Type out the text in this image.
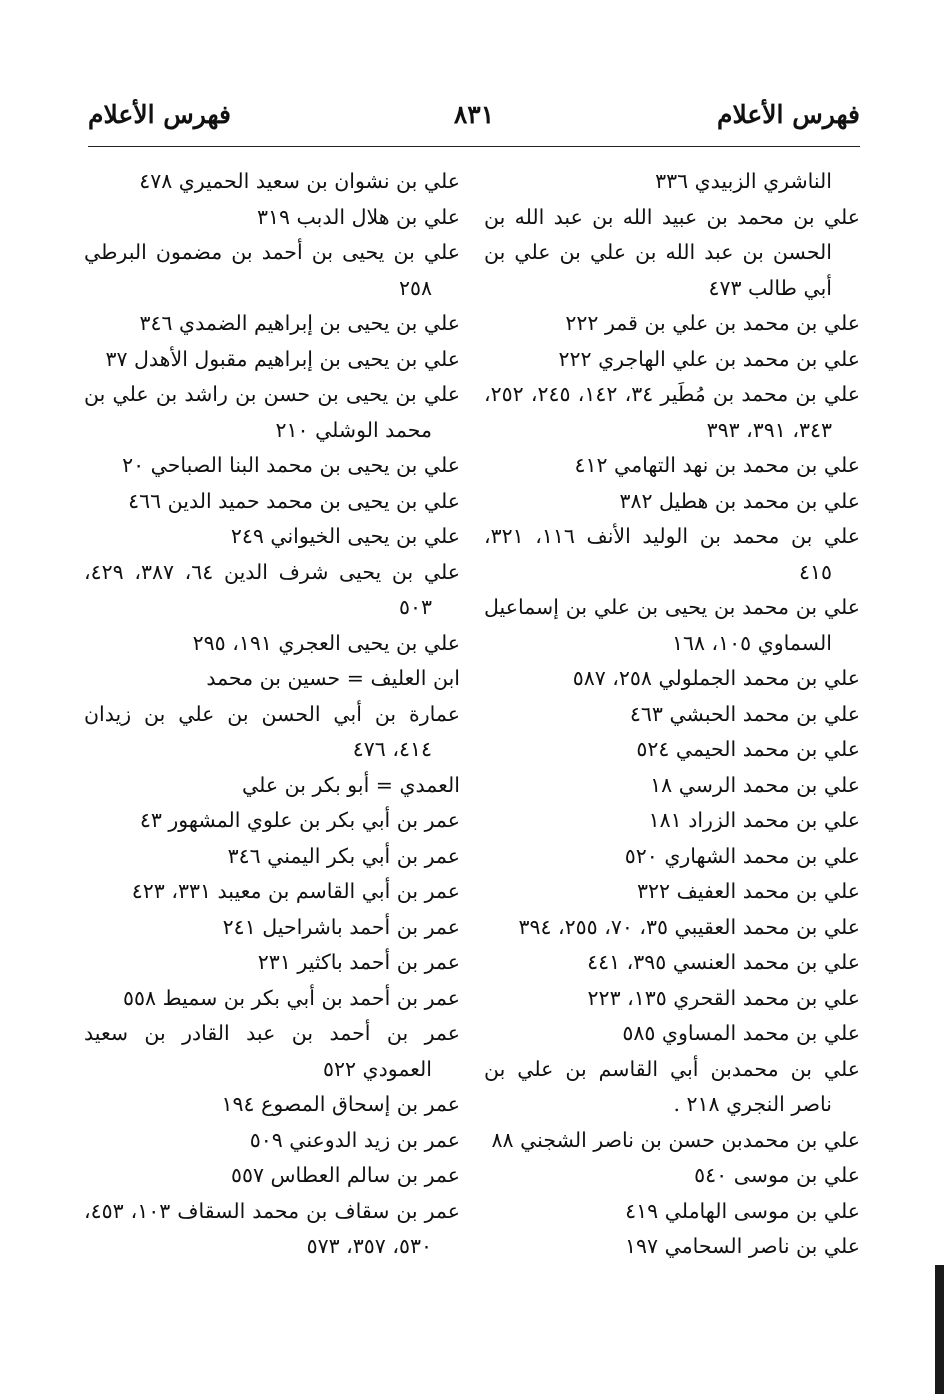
فهرس الأعلام
٨٣١
فهرس الأعلام

الناشري الزبيدي ٣٣٦

علي بن محمد بن عبيد الله بن عبد الله بن الحسن بن عبد الله بن علي بن علي بن أبي طالب ٤٧٣

علي بن محمد بن علي بن قمر ٢٢٢

علي بن محمد بن علي الهاجري ٢٢٢

علي بن محمد بن مُطَير ٣٤، ١٤٢، ٢٤٥، ٢٥٢، ٣٤٣، ٣٩١، ٣٩٣

علي بن محمد بن نهد التهامي ٤١٢

علي بن محمد بن هطيل ٣٨٢

علي بن محمد بن الوليد الأنف ١١٦، ٣٢١، ٤١٥

علي بن محمد بن يحيى بن علي بن إسماعيل السماوي ١٠٥، ١٦٨

علي بن محمد الجملولي ٢٥٨، ٥٨٧

علي بن محمد الحبشي ٤٦٣

علي بن محمد الحيمي ٥٢٤

علي بن محمد الرسي ١٨

علي بن محمد الزراد ١٨١

علي بن محمد الشهاري ٥٢٠

علي بن محمد العفيف ٣٢٢

علي بن محمد العقيبي ٣٥، ٧٠، ٢٥٥، ٣٩٤

علي بن محمد العنسي ٣٩٥، ٤٤١

علي بن محمد القحري ١٣٥، ٢٢٣

علي بن محمد المساوي ٥٨٥

علي بن محمدبن أبي القاسم بن علي بن ناصر النجري ٢١٨ .

علي بن محمدبن حسن بن ناصر الشجني ٨٨

علي بن موسى ٥٤٠

علي بن موسى الهاملي ٤١٩

علي بن ناصر السحامي ١٩٧

علي بن نشوان بن سعيد الحميري ٤٧٨

علي بن هلال الدبب ٣١٩

علي بن يحيى بن أحمد بن مضمون البرطي ٢٥٨

علي بن يحيى بن إبراهيم الضمدي ٣٤٦

علي بن يحيى بن إبراهيم مقبول الأهدل ٣٧

علي بن يحيى بن حسن بن راشد بن علي بن محمد الوشلي ٢١٠

علي بن يحيى بن محمد البنا الصباحي ٢٠

علي بن يحيى بن محمد حميد الدين ٤٦٦

علي بن يحيى الخيواني ٢٤٩

علي بن يحيى شرف الدين ٦٤، ٣٨٧، ٤٢٩، ٥٠٣

علي بن يحيى العجري ١٩١، ٢٩٥

ابن العليف = حسين بن محمد

عمارة بن أبي الحسن بن علي بن زيدان ٤١٤، ٤٧٦

العمدي = أبو بكر بن علي

عمر بن أبي بكر بن علوي المشهور ٤٣

عمر بن أبي بكر اليمني ٣٤٦

عمر بن أبي القاسم بن معيبد ٣٣١، ٤٢٣

عمر بن أحمد باشراحيل ٢٤١

عمر بن أحمد باكثير ٢٣١

عمر بن أحمد بن أبي بكر بن سميط ٥٥٨

عمر بن أحمد بن عبد القادر بن سعيد العمودي ٥٢٢

عمر بن إسحاق المصوع ١٩٤

عمر بن زيد الدوعني ٥٠٩

عمر بن سالم العطاس ٥٥٧

عمر بن سقاف بن محمد السقاف ١٠٣، ٤٥٣، ٥٣٠، ٣٥٧، ٥٧٣
